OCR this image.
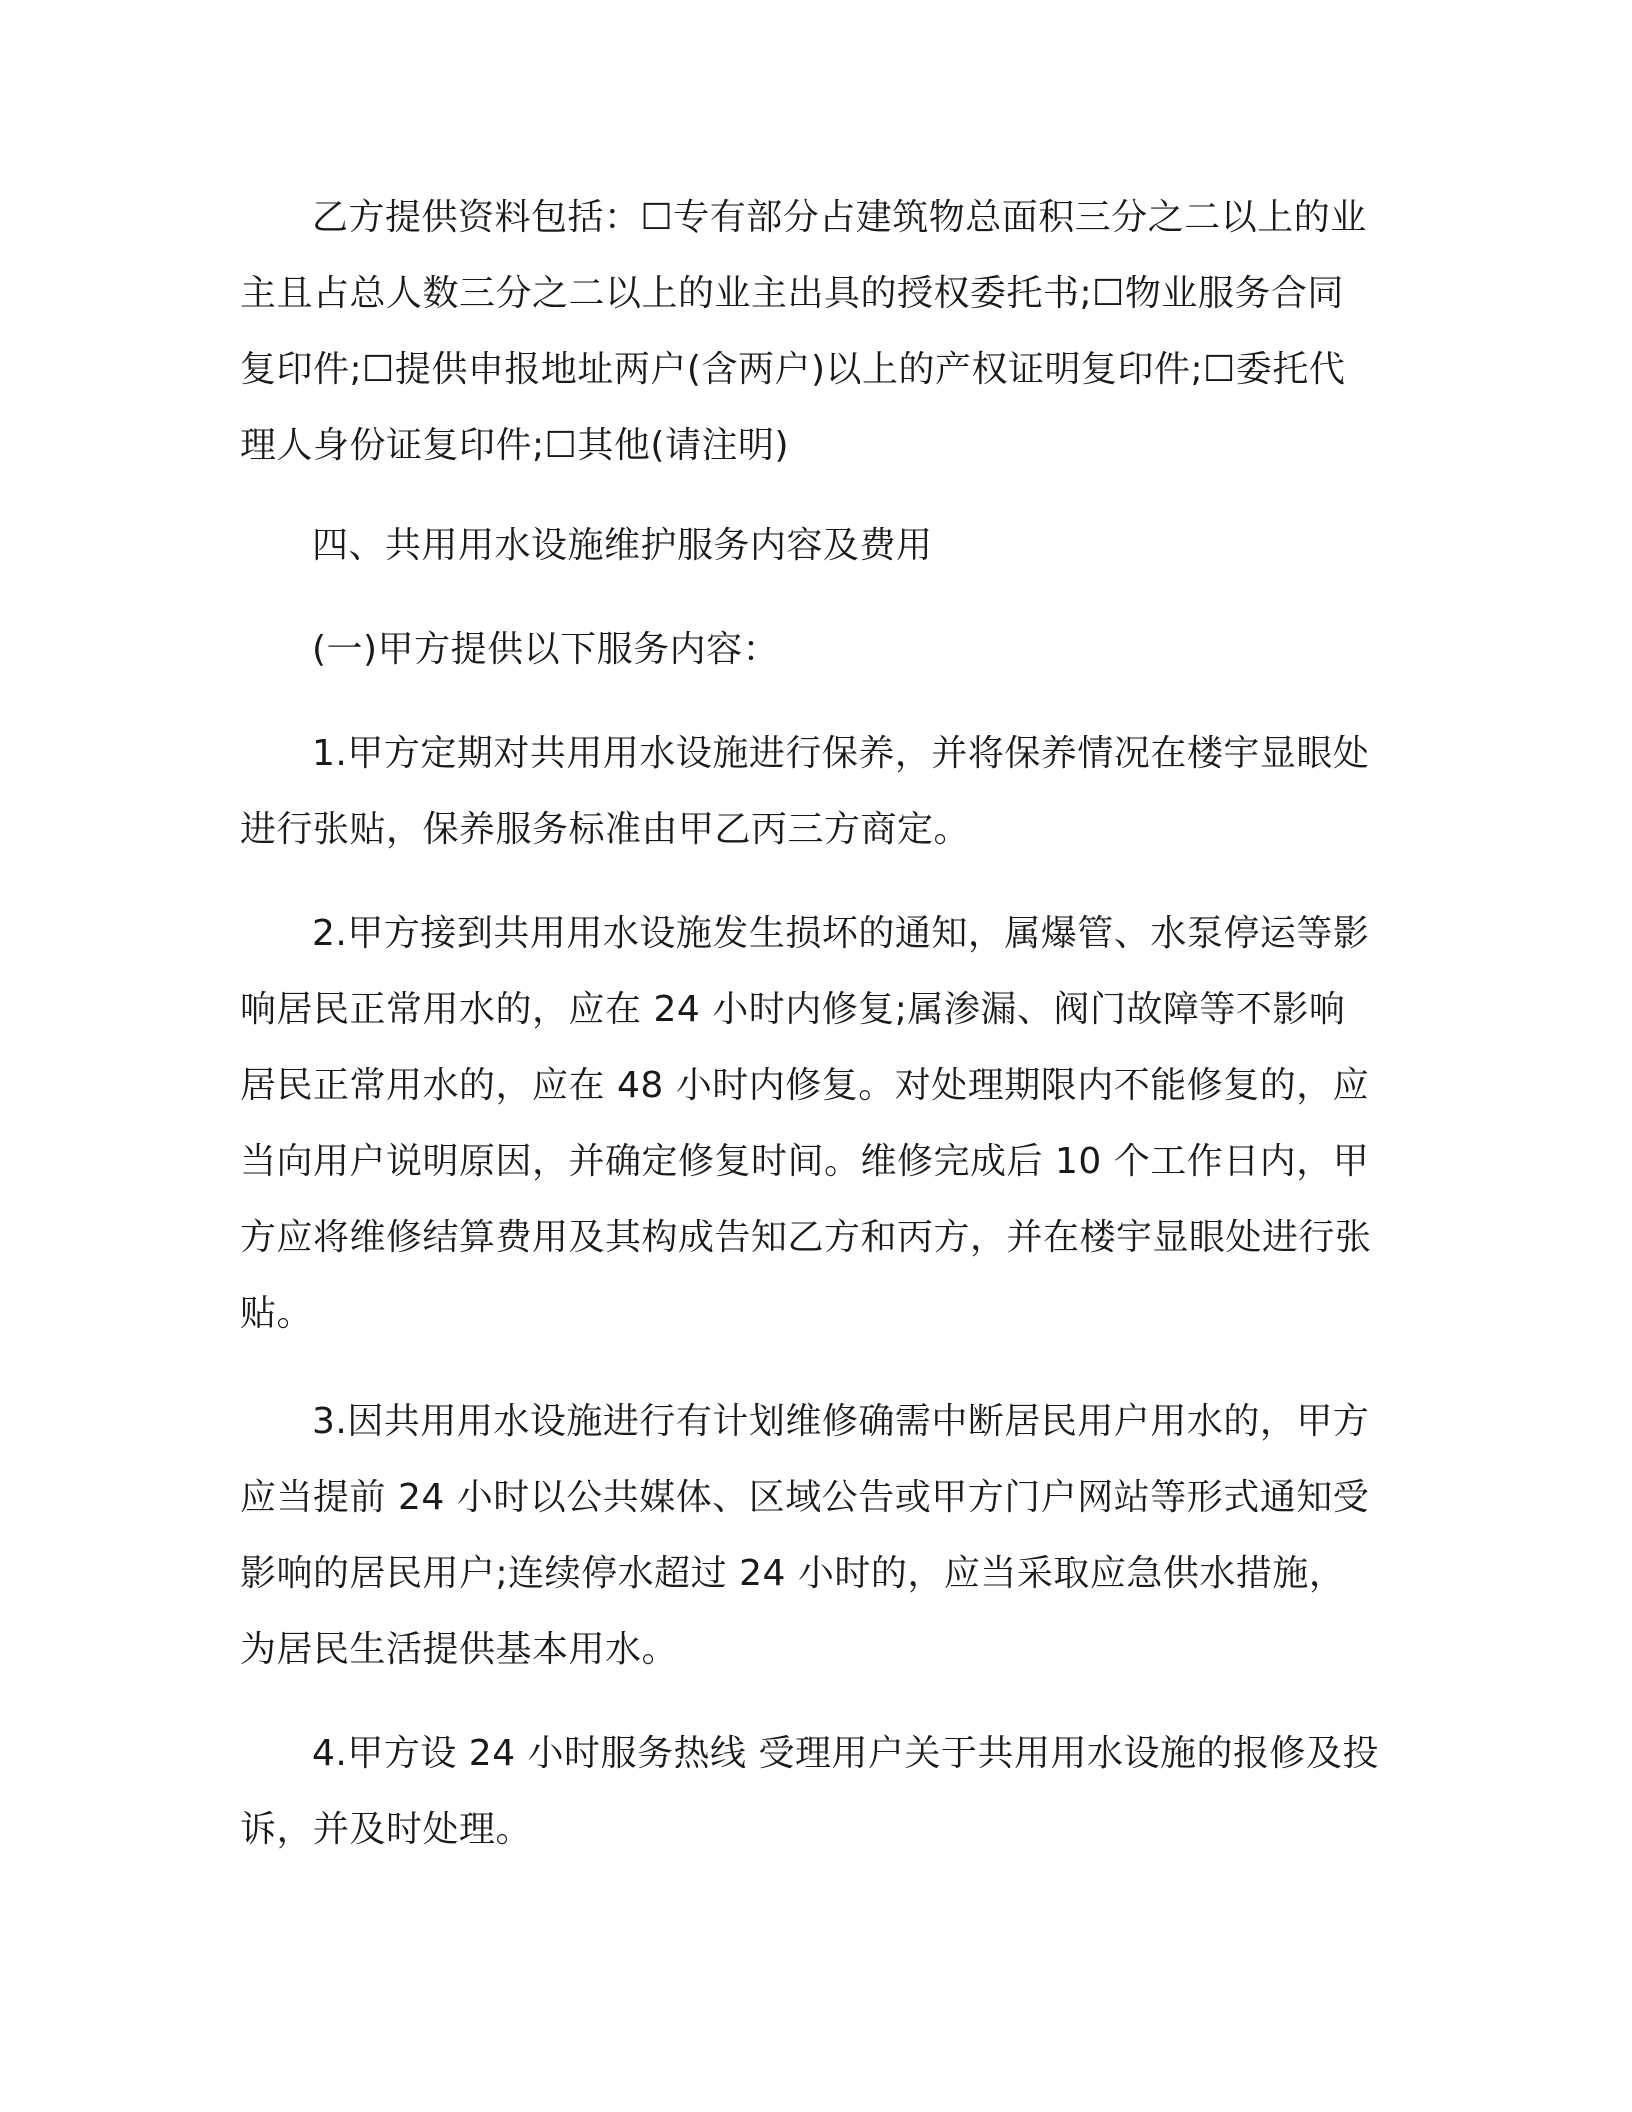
乙方提供资料包括：☐专有部分占建筑物总面积三分之二以上的业主且占总人数三分之二以上的业主出具的授权委托书;☐物业服务合同复印件;☐提供申报地址两户(含两户)以上的产权证明复印件;☐委托代理人身份证复印件;☐其他(请注明)

四、共用用水设施维护服务内容及费用

(一)甲方提供以下服务内容：

1.甲方定期对共用用水设施进行保养，并将保养情况在楼宇显眼处进行张贴，保养服务标准由甲乙丙三方商定。

2.甲方接到共用用水设施发生损坏的通知，属爆管、水泵停运等影响居民正常用水的，应在 24 小时内修复;属渗漏、阀门故障等不影响居民正常用水的，应在 48 小时内修复。对处理期限内不能修复的，应当向用户说明原因，并确定修复时间。维修完成后 10 个工作日内，甲方应将维修结算费用及其构成告知乙方和丙方，并在楼宇显眼处进行张贴。

3.因共用用水设施进行有计划维修确需中断居民用户用水的，甲方应当提前 24 小时以公共媒体、区域公告或甲方门户网站等形式通知受影响的居民用户;连续停水超过 24 小时的，应当采取应急供水措施，为居民生活提供基本用水。

4.甲方设 24 小时服务热线 受理用户关于共用用水设施的报修及投诉，并及时处理。
